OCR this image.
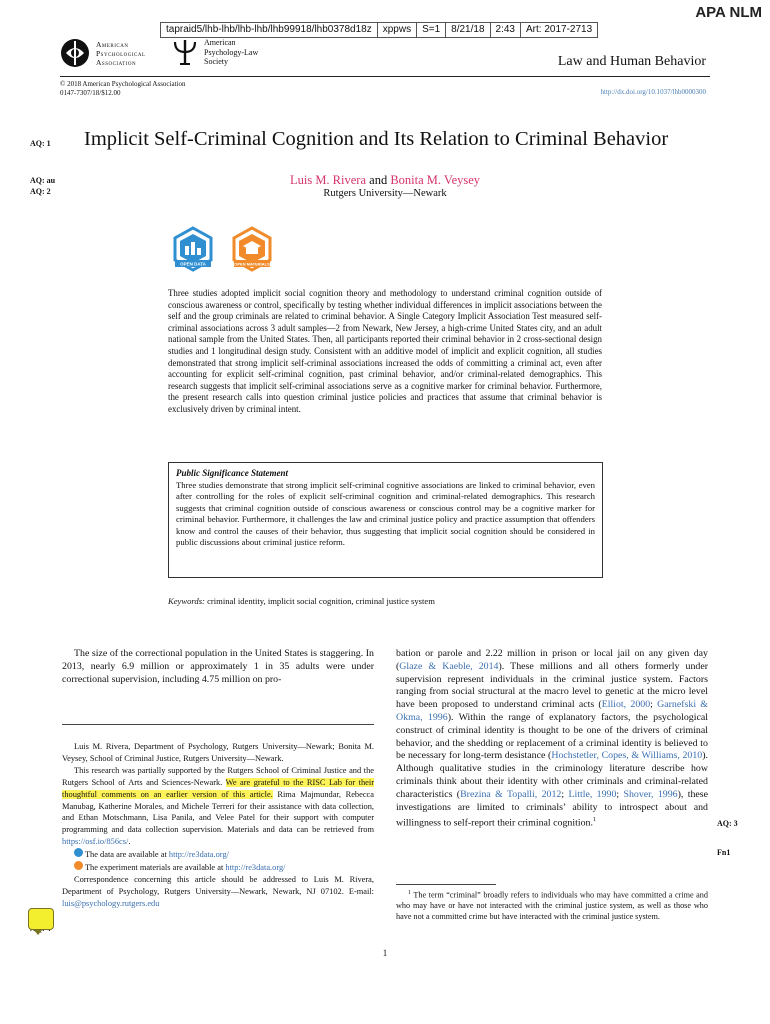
tapraid5/lhb-lhb/lhb-lhb/lhb99918/lhb0378d18z	xppws	S=1	8/21/18	2:43	Art: 2017-2713
APA NLM
American
Psychological
Association
American
Psychology-Law
Society	Law and Human Behavior
© 2018 American Psychological Association
0147-7307/18/$12.00	http://dx.doi.org/10.1037/lhb0000300
AQ: 1
AQ: au
AQ: 2
AQ: 3
Fn1
Implicit Self-Criminal Cognition and Its Relation to Criminal Behavior
Luis M. Rivera and Bonita M. Veysey
Rutgers University—Newark
OPEN DATA	OPEN MATERIALS
Three studies adopted implicit social cognition theory and methodology to understand criminal cognition outside of conscious awareness or control, specifically by testing whether individual differences in implicit associations between the self and the group criminals are related to criminal behavior. A Single Category Implicit Association Test measured self-criminal associations across 3 adult samples—2 from Newark, New Jersey, a high-crime United States city, and an adult national sample from the United States. Then, all participants reported their criminal behavior in 2 cross-sectional design studies and 1 longitudinal design study. Consistent with an additive model of implicit and explicit cognition, all studies demonstrated that strong implicit self-criminal associations increased the odds of committing a criminal act, even after accounting for explicit self-criminal cognition, past criminal behavior, and/or criminal-related demographics. This research suggests that implicit self-criminal associations serve as a cognitive marker for criminal behavior. Furthermore, the present research calls into question criminal justice policies and practices that assume that criminal behavior is exclusively driven by criminal intent.
Public Significance Statement
Three studies demonstrate that strong implicit self-criminal cognitive associations are linked to criminal behavior, even after controlling for the roles of explicit self-criminal cognition and criminal-related demographics. This research suggests that criminal cognition outside of conscious awareness or conscious control may be a cognitive marker for criminal behavior. Furthermore, it challenges the law and criminal justice policy and practice assumption that offenders know and control the causes of their behavior, thus suggesting that implicit social cognition should be considered in public discussions about criminal justice reform.
Keywords: criminal identity, implicit social cognition, criminal justice system
The size of the correctional population in the United States is staggering. In 2013, nearly 6.9 million or approximately 1 in 35 adults were under correctional supervision, including 4.75 million on pro-

Luis M. Rivera, Department of Psychology, Rutgers University—Newark; Bonita M. Veysey, School of Criminal Justice, Rutgers University—Newark.

This research was partially supported by the Rutgers School of Criminal Justice and the Rutgers School of Arts and Sciences-Newark. We are grateful to the RISC Lab for their thoughtful comments on an earlier version of this article. Rima Majmundar, Rebecca Manubag, Katherine Morales, and Michele Terreri for their assistance with data collection, and Ethan Motschmann, Lisa Panila, and Velee Patel for their support with computer programming and data collection supervision. Materials and data can be retrieved from https://osf.io/856cs/.

The data are available at http://re3data.org/

The experiment materials are available at http://re3data.org/

Correspondence concerning this article should be addressed to Luis M. Rivera, Department of Psychology, Rutgers University—Newark, Newark, NJ 07102. E-mail: luis@psychology.rutgers.edu

bation or parole and 2.22 million in prison or local jail on any given day (Glaze & Kaeble, 2014). These millions and all others formerly under supervision represent individuals in the criminal justice system. Factors ranging from social structural at the macro level to genetic at the micro level have been proposed to understand criminal acts (Elliot, 2000; Garnefski & Okma, 1996). Within the range of explanatory factors, the psychological construct of criminal identity is thought to be one of the drivers of criminal behavior, and the shedding or replacement of a criminal identity is believed to be necessary for long-term desistance (Hochstetler, Copes, & Williams, 2010). Although qualitative studies in the criminology literature describe how criminals think about their identity with other criminals and criminal-related characteristics (Brezina & Topalli, 2012; Little, 1990; Shover, 1996), these investigations are limited to criminals’ ability to introspect about and willingness to self-report their criminal cognition.$^1$
$^1$ The term “criminal” broadly refers to individuals who may have committed a crime and who may have or have not interacted with the criminal justice system, as well as those who have not a committed crime but have interacted with the criminal justice system.
1
